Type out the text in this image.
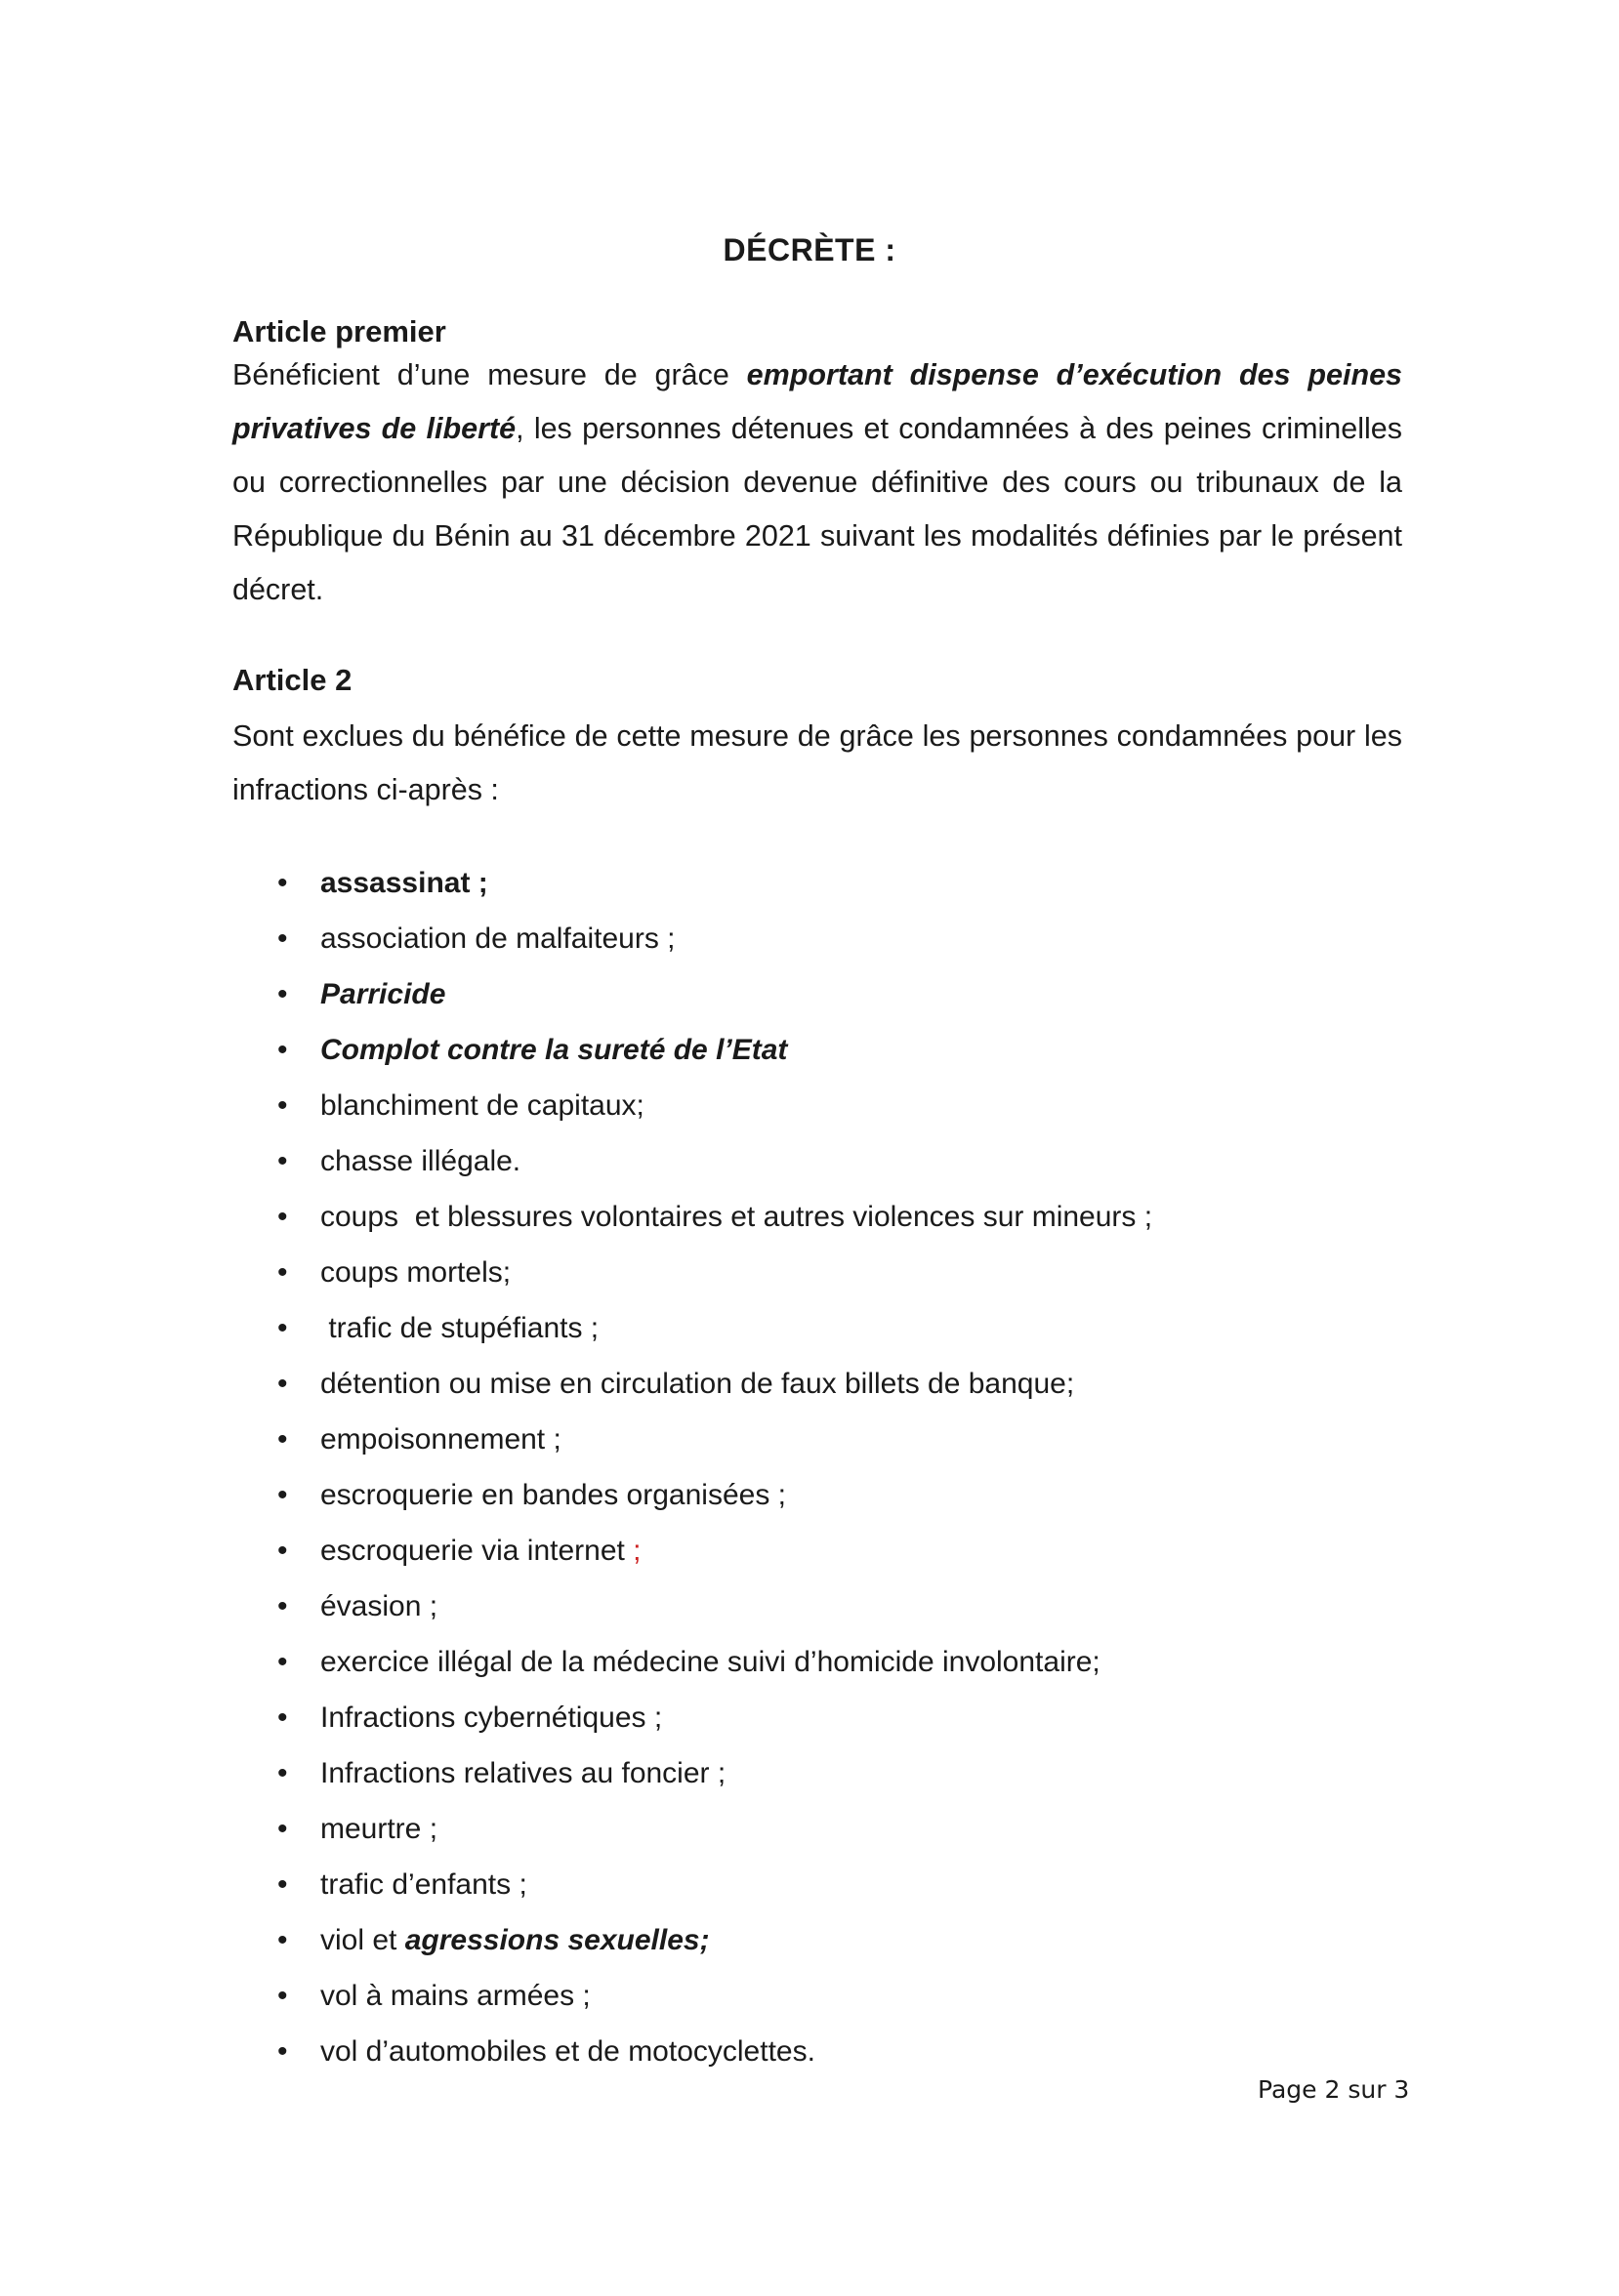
DÉCRÈTE :
Article premier

Bénéficient d’une mesure de grâce emportant dispense d’exécution des peines privatives de liberté, les personnes détenues et condamnées à des peines criminelles ou correctionnelles par une décision devenue définitive des cours ou tribunaux de la République du Bénin au 31 décembre 2021 suivant les modalités définies par le présent décret.

Article 2

Sont exclues du bénéfice de cette mesure de grâce les personnes condamnées pour les infractions ci-après :

• assassinat ;
• association de malfaiteurs ;
• Parricide
• Complot contre la sureté de l’Etat
• blanchiment de capitaux;
• chasse illégale.
• coups  et blessures volontaires et autres violences sur mineurs ;
• coups mortels;
• trafic de stupéfiants ;
• détention ou mise en circulation de faux billets de banque;
• empoisonnement ;
• escroquerie en bandes organisées ;
• escroquerie via internet ;
• évasion ;
• exercice illégal de la médecine suivi d’homicide involontaire;
• Infractions cybernétiques ;
• Infractions relatives au foncier ;
• meurtre ;
• trafic d’enfants ;
• viol et agressions sexuelles;
• vol à mains armées ;
• vol d’automobiles et de motocyclettes.
Page 2 sur 3
